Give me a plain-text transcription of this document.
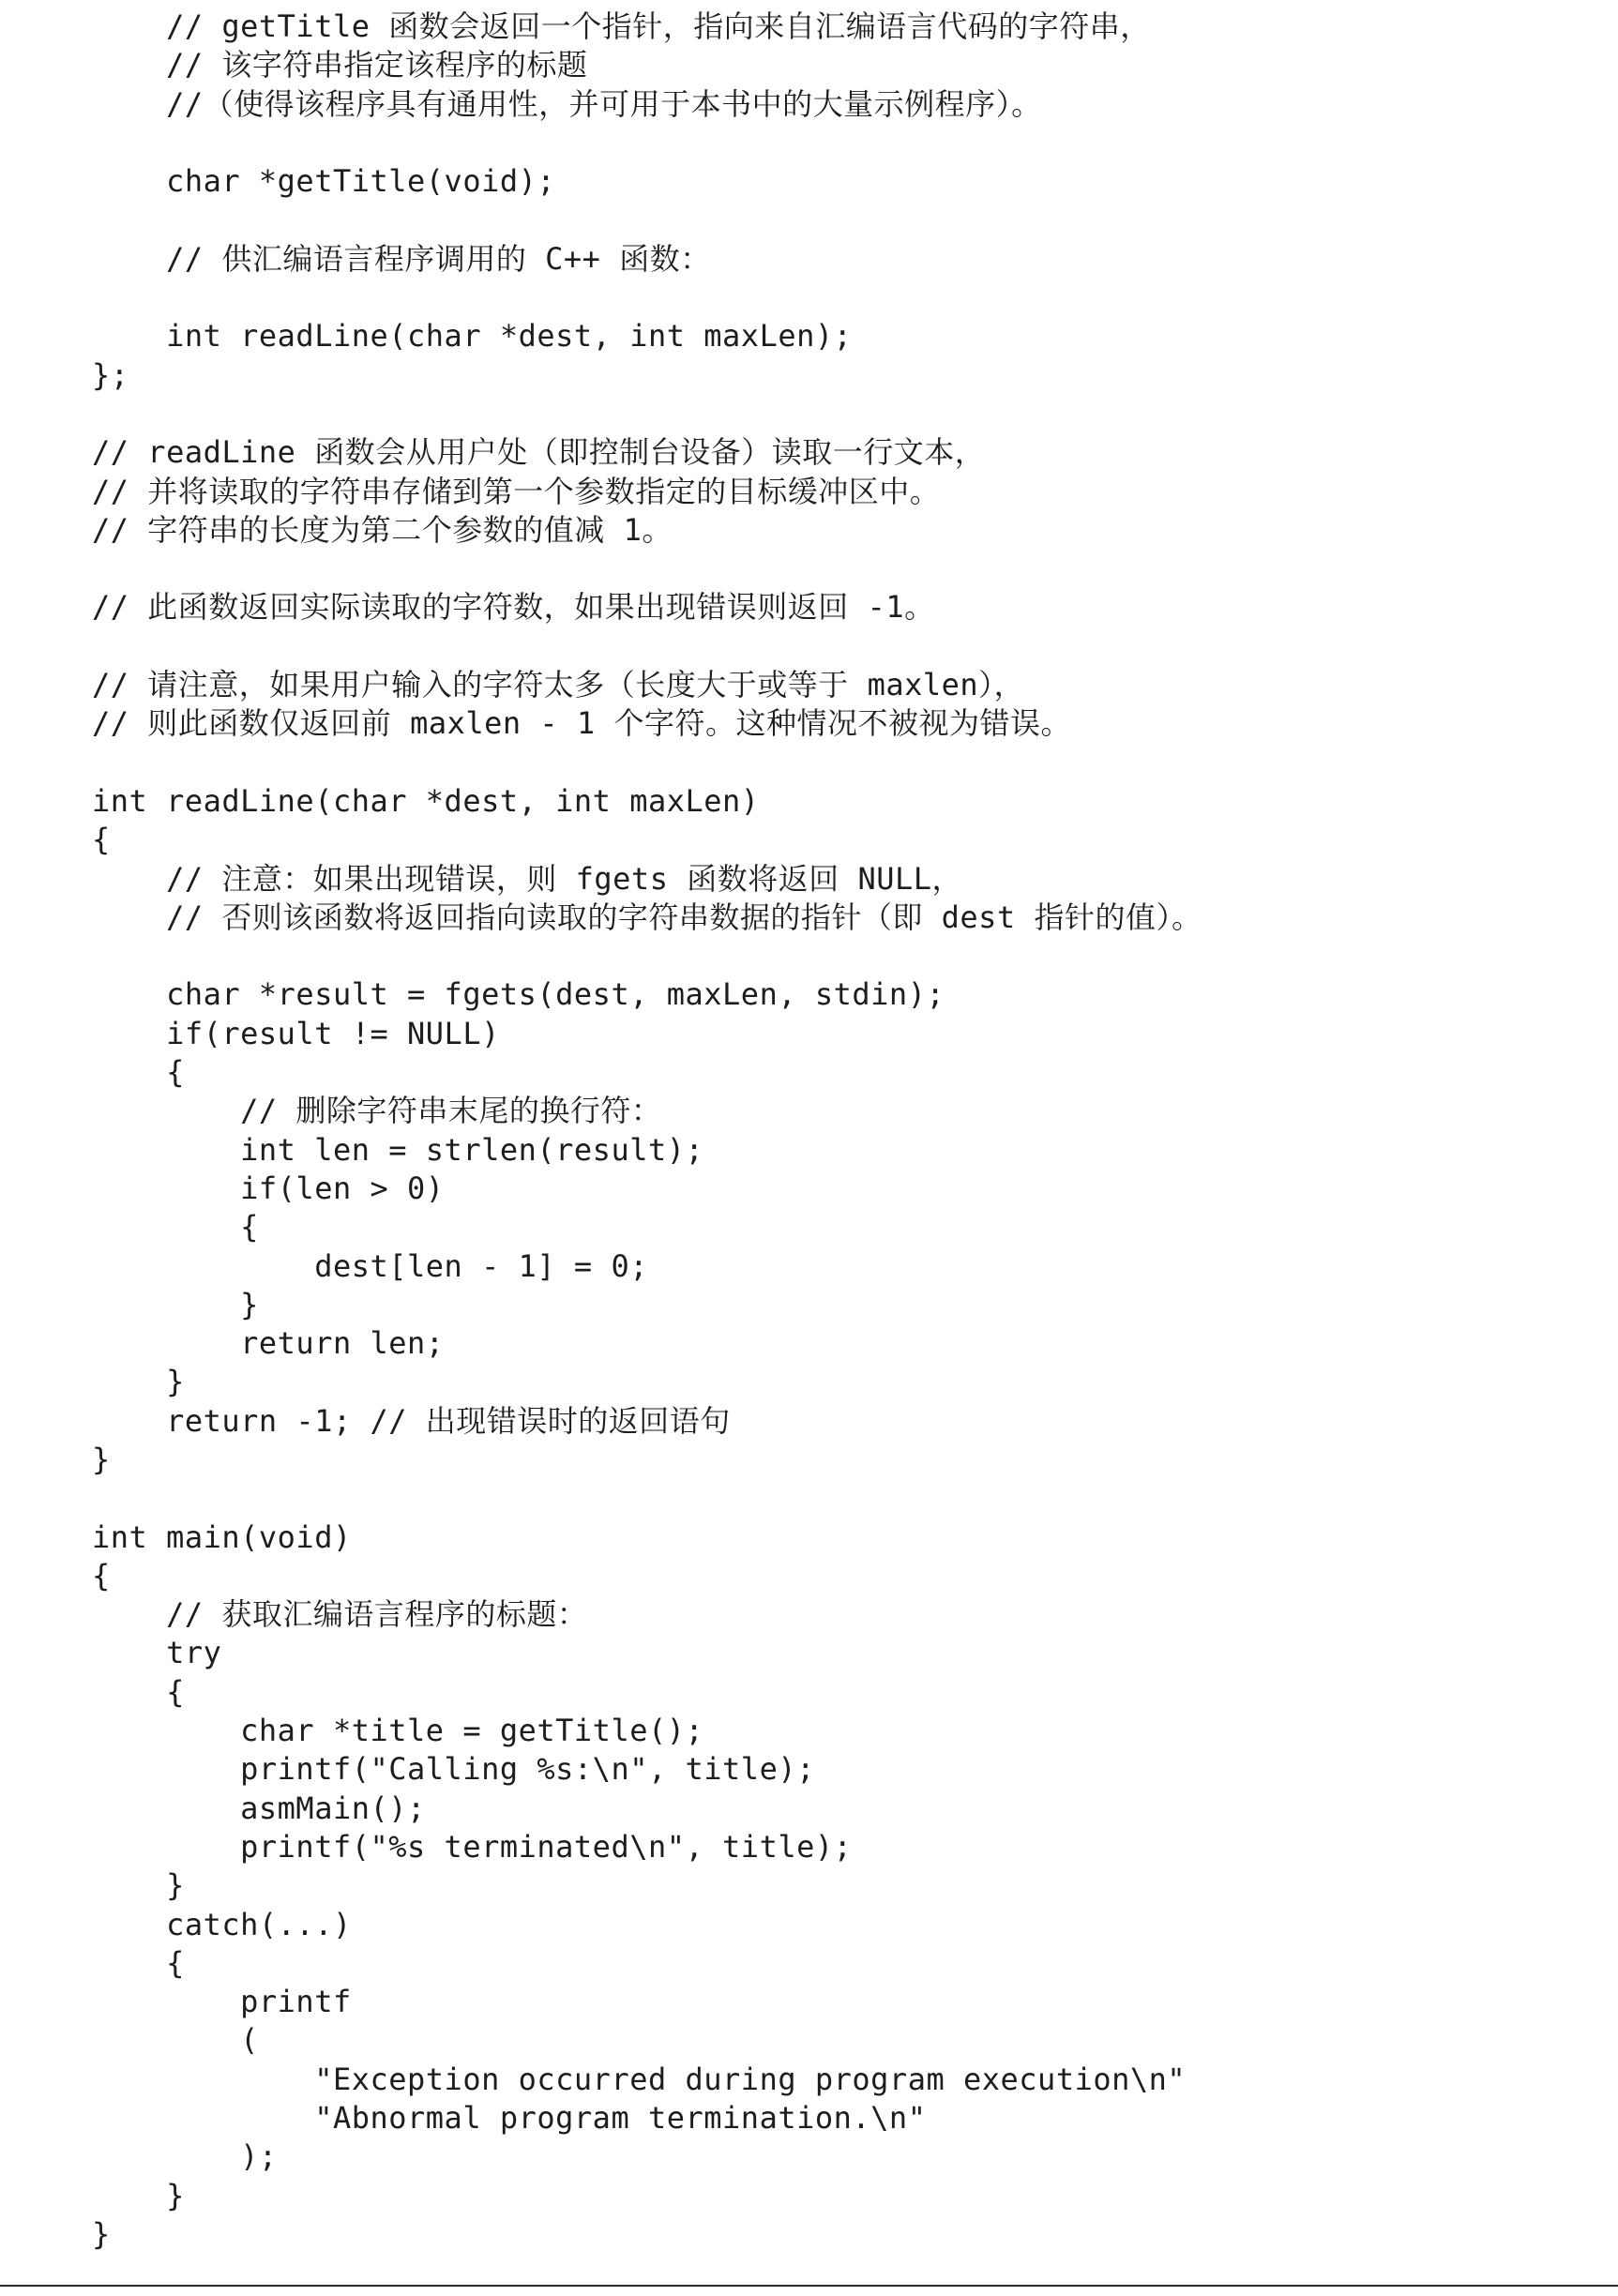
// getTitle 函数会返回一个指针，指向来自汇编语言代码的字符串，
// 该字符串指定该程序的标题
//（使得该程序具有通用性，并可用于本书中的大量示例程序）。
char *getTitle(void);
// 供汇编语言程序调用的 C++ 函数：
int readLine(char *dest, int maxLen);
};
// readLine 函数会从用户处（即控制台设备）读取一行文本，
// 并将读取的字符串存储到第一个参数指定的目标缓冲区中。
// 字符串的长度为第二个参数的值减 1。
// 此函数返回实际读取的字符数，如果出现错误则返回 -1。
// 请注意，如果用户输入的字符太多（长度大于或等于 maxlen），
// 则此函数仅返回前 maxlen - 1 个字符。这种情况不被视为错误。
int readLine(char *dest, int maxLen)
{
// 注意：如果出现错误，则 fgets 函数将返回 NULL，
// 否则该函数将返回指向读取的字符串数据的指针（即 dest 指针的值）。
char *result = fgets(dest, maxLen, stdin);
if(result != NULL)
{
// 删除字符串末尾的换行符：
int len = strlen(result);
if(len > 0)
{
dest[len - 1] = 0;
}
return len;
}
return -1; // 出现错误时的返回语句
}
int main(void)
{
// 获取汇编语言程序的标题：
try
{
char *title = getTitle();
printf("Calling %s:\n", title);
asmMain();
printf("%s terminated\n", title);
}
catch(...)
{
printf
(
"Exception occurred during program execution\n"
"Abnormal program termination.\n"
);
}
}
